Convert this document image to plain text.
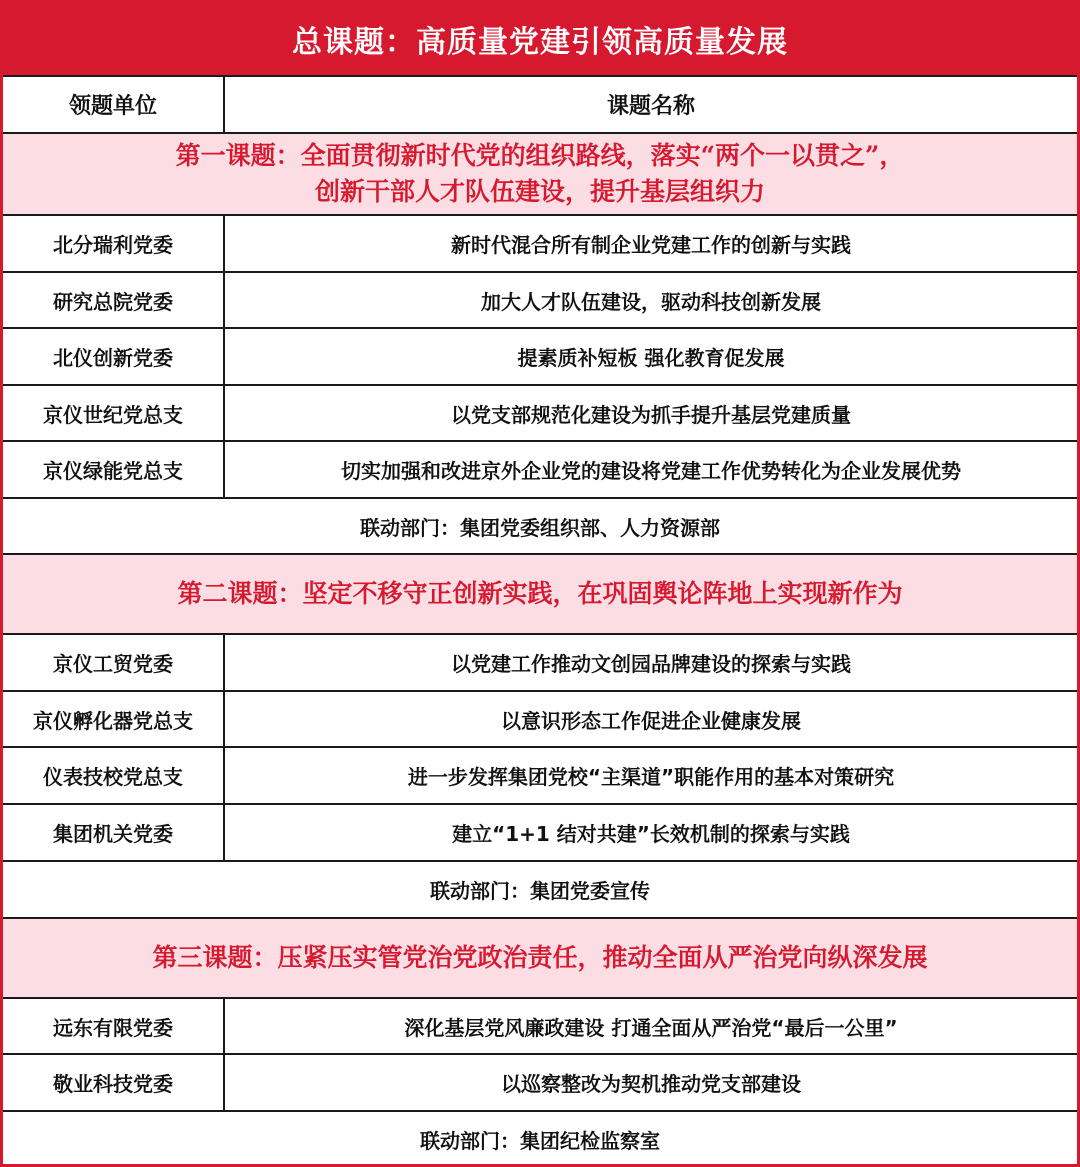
总课题：高质量党建引领高质量发展
领题单位	课题名称
第一课题：全面贯彻新时代党的组织路线，落实“两个一以贯之”，
创新干部人才队伍建设，提升基层组织力
北分瑞利党委	新时代混合所有制企业党建工作的创新与实践
研究总院党委	加大人才队伍建设，驱动科技创新发展
北仪创新党委	提素质补短板 强化教育促发展
京仪世纪党总支	以党支部规范化建设为抓手提升基层党建质量
京仪绿能党总支	切实加强和改进京外企业党的建设将党建工作优势转化为企业发展优势
联动部门：集团党委组织部、人力资源部
第二课题：坚定不移守正创新实践，在巩固舆论阵地上实现新作为
京仪工贸党委	以党建工作推动文创园品牌建设的探索与实践
京仪孵化器党总支	以意识形态工作促进企业健康发展
仪表技校党总支	进一步发挥集团党校“主渠道”职能作用的基本对策研究
集团机关党委	建立“1+1 结对共建”长效机制的探索与实践
联动部门：集团党委宣传
第三课题：压紧压实管党治党政治责任，推动全面从严治党向纵深发展
远东有限党委	深化基层党风廉政建设 打通全面从严治党“最后一公里”
敬业科技党委	以巡察整改为契机推动党支部建设
联动部门：集团纪检监察室
